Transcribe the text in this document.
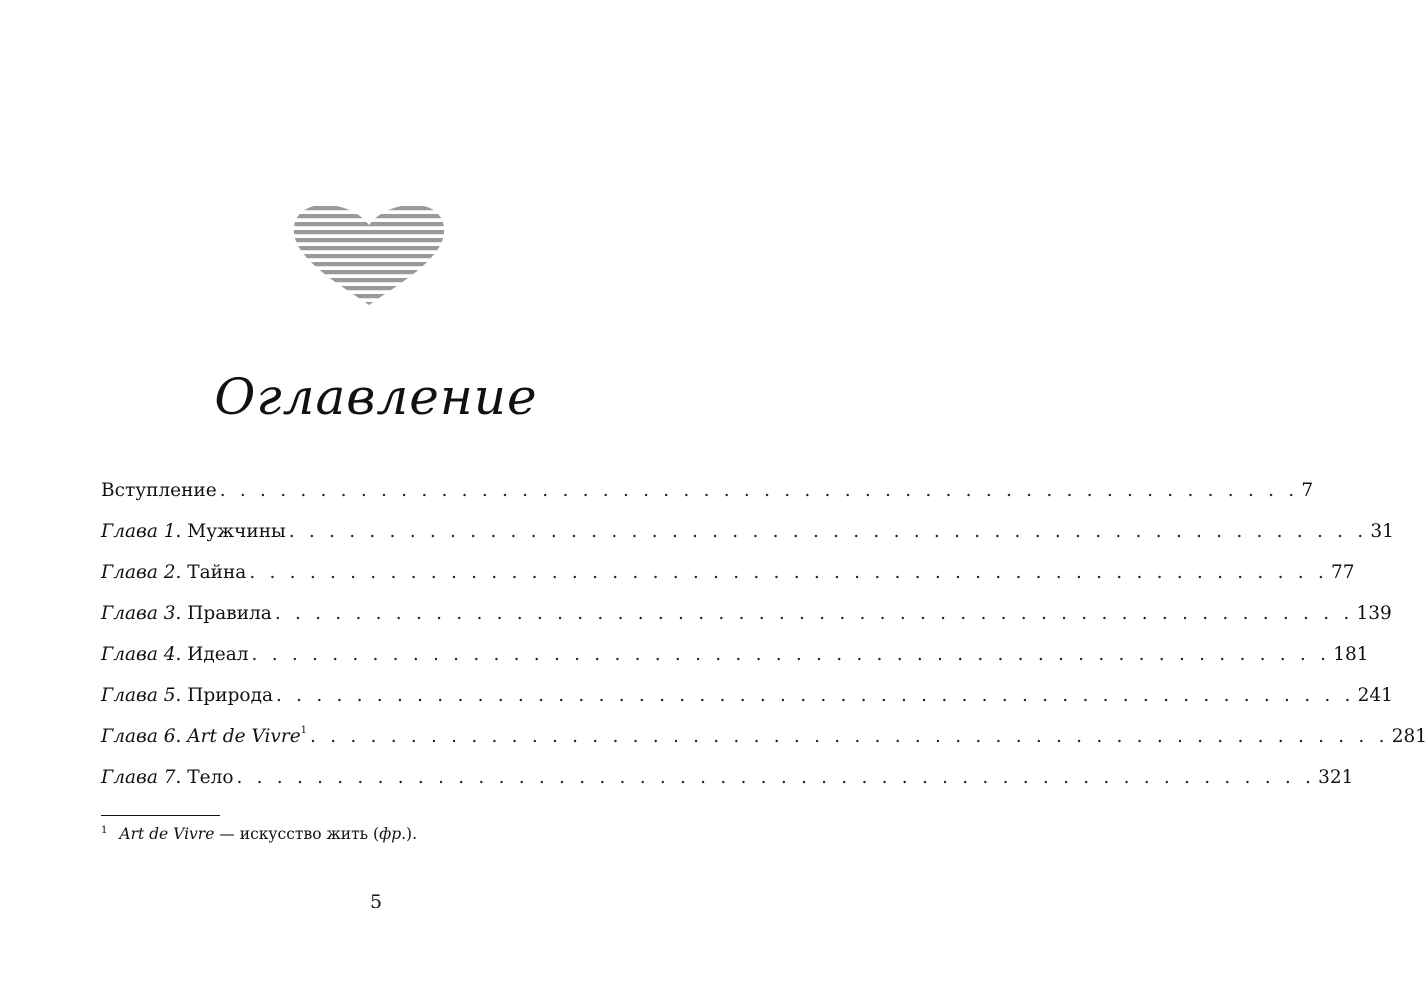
Оглавление
Вступление . . . . . . . . . . . . . . . . . . . . . . . . . . . . . . . . . . . . . . . . . . . . . . . . . . . . . . 7
Глава 1. Мужчины . . . . . . . . . . . . . . . . . . . . . . . . . . . . . . . . . . . . . . . . . . . . . . . . . . . . . . 31
Глава 2. Тайна . . . . . . . . . . . . . . . . . . . . . . . . . . . . . . . . . . . . . . . . . . . . . . . . . . . . . . 77
Глава 3. Правила . . . . . . . . . . . . . . . . . . . . . . . . . . . . . . . . . . . . . . . . . . . . . . . . . . . . . . 139
Глава 4. Идеал . . . . . . . . . . . . . . . . . . . . . . . . . . . . . . . . . . . . . . . . . . . . . . . . . . . . . . 181
Глава 5. Природа . . . . . . . . . . . . . . . . . . . . . . . . . . . . . . . . . . . . . . . . . . . . . . . . . . . . . . 241
Глава 6. Art de Vivre$^1$ . . . . . . . . . . . . . . . . . . . . . . . . . . . . . . . . . . . . . . . . . . . . . . . . . . . . . . 281
Глава 7. Тело . . . . . . . . . . . . . . . . . . . . . . . . . . . . . . . . . . . . . . . . . . . . . . . . . . . . . . 321
$^1$ Art de Vivre — искусство жить (фр.).
5
